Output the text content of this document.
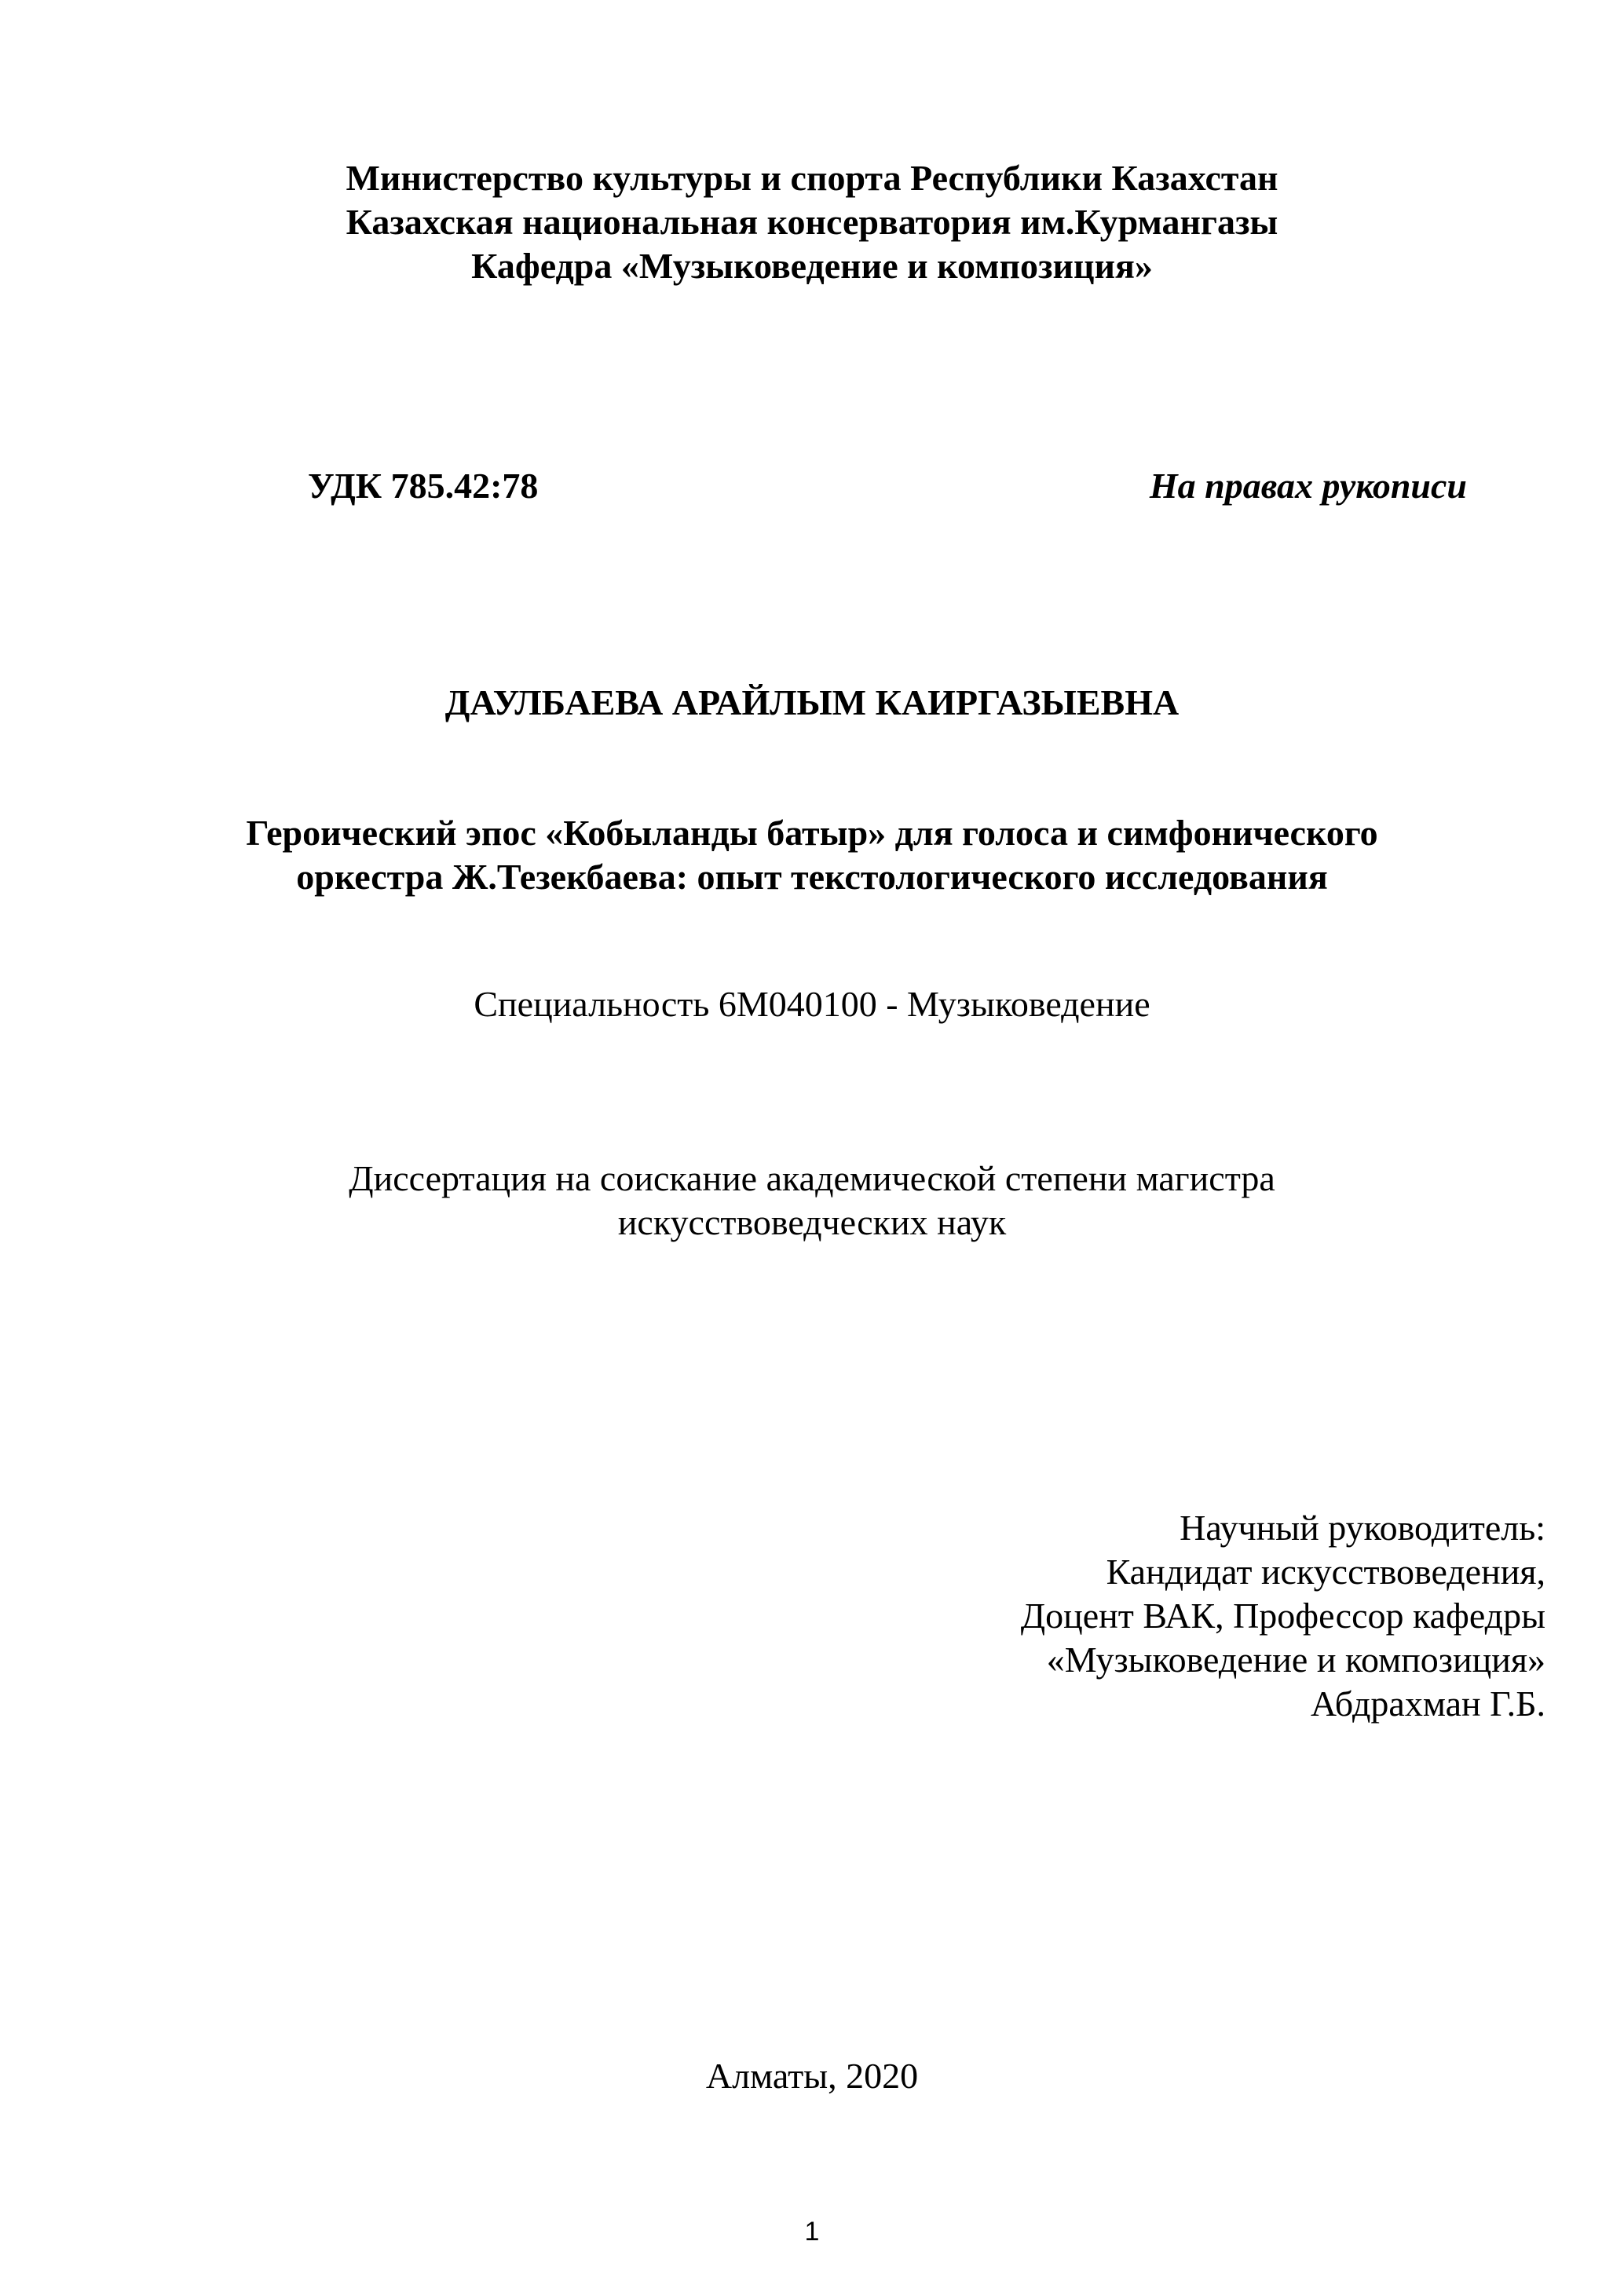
Министерство культуры и спорта Республики Казахстан
Казахская национальная консерватория им.Курмангазы
Кафедра «Музыковедение и композиция»
УДК 785.42:78	На правах рукописи
ДАУЛБАЕВА АРАЙЛЫМ КАИРГАЗЫЕВНА
Героический эпос «Кобыланды батыр» для голоса и симфонического
оркестра Ж.Тезекбаева: опыт текстологического исследования
Специальность 6М040100 - Музыковедение
Диссертация на соискание академической степени магистра
искусствоведческих наук
Научный руководитель:
Кандидат искусствоведения,
Доцент ВАК, Профессор кафедры
«Музыковедение и композиция»
Абдрахман Г.Б.
Алматы, 2020
1
